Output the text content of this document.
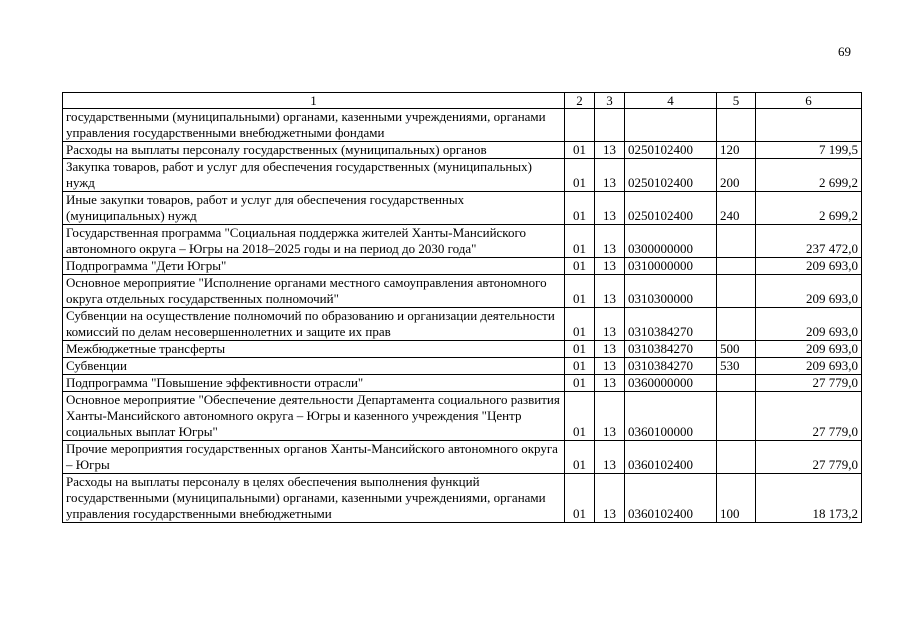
69
1	2	3	4	5	6
государственными (муниципальными) органами, казенными учреждениями, органами управления государственными внебюджетными фондами					
Расходы на выплаты персоналу государственных (муниципальных) органов	01	13	0250102400	120	7 199,5
Закупка товаров, работ и услуг для обеспечения государственных (муниципальных) нужд	01	13	0250102400	200	2 699,2
Иные закупки товаров, работ и услуг для обеспечения государственных (муниципальных) нужд	01	13	0250102400	240	2 699,2
Государственная программа "Социальная поддержка жителей Ханты-Мансийского автономного округа – Югры на 2018–2025 годы и на период до 2030 года"	01	13	0300000000		237 472,0
Подпрограмма "Дети Югры"	01	13	0310000000		209 693,0
Основное мероприятие "Исполнение органами местного самоуправления автономного округа отдельных государственных полномочий"	01	13	0310300000		209 693,0
Субвенции на осуществление полномочий по образованию и организации деятельности комиссий по делам несовершеннолетних и защите их прав	01	13	0310384270		209 693,0
Межбюджетные трансферты	01	13	0310384270	500	209 693,0
Субвенции	01	13	0310384270	530	209 693,0
Подпрограмма "Повышение эффективности отрасли"	01	13	0360000000		27 779,0
Основное мероприятие "Обеспечение деятельности Департамента социального развития Ханты-Мансийского автономного округа – Югры и казенного учреждения "Центр социальных выплат Югры"	01	13	0360100000		27 779,0
Прочие мероприятия государственных органов Ханты-Мансийского автономного округа – Югры	01	13	0360102400		27 779,0
Расходы на выплаты персоналу в целях обеспечения выполнения функций государственными (муниципальными) органами, казенными учреждениями, органами управления государственными внебюджетными	01	13	0360102400	100	18 173,2
